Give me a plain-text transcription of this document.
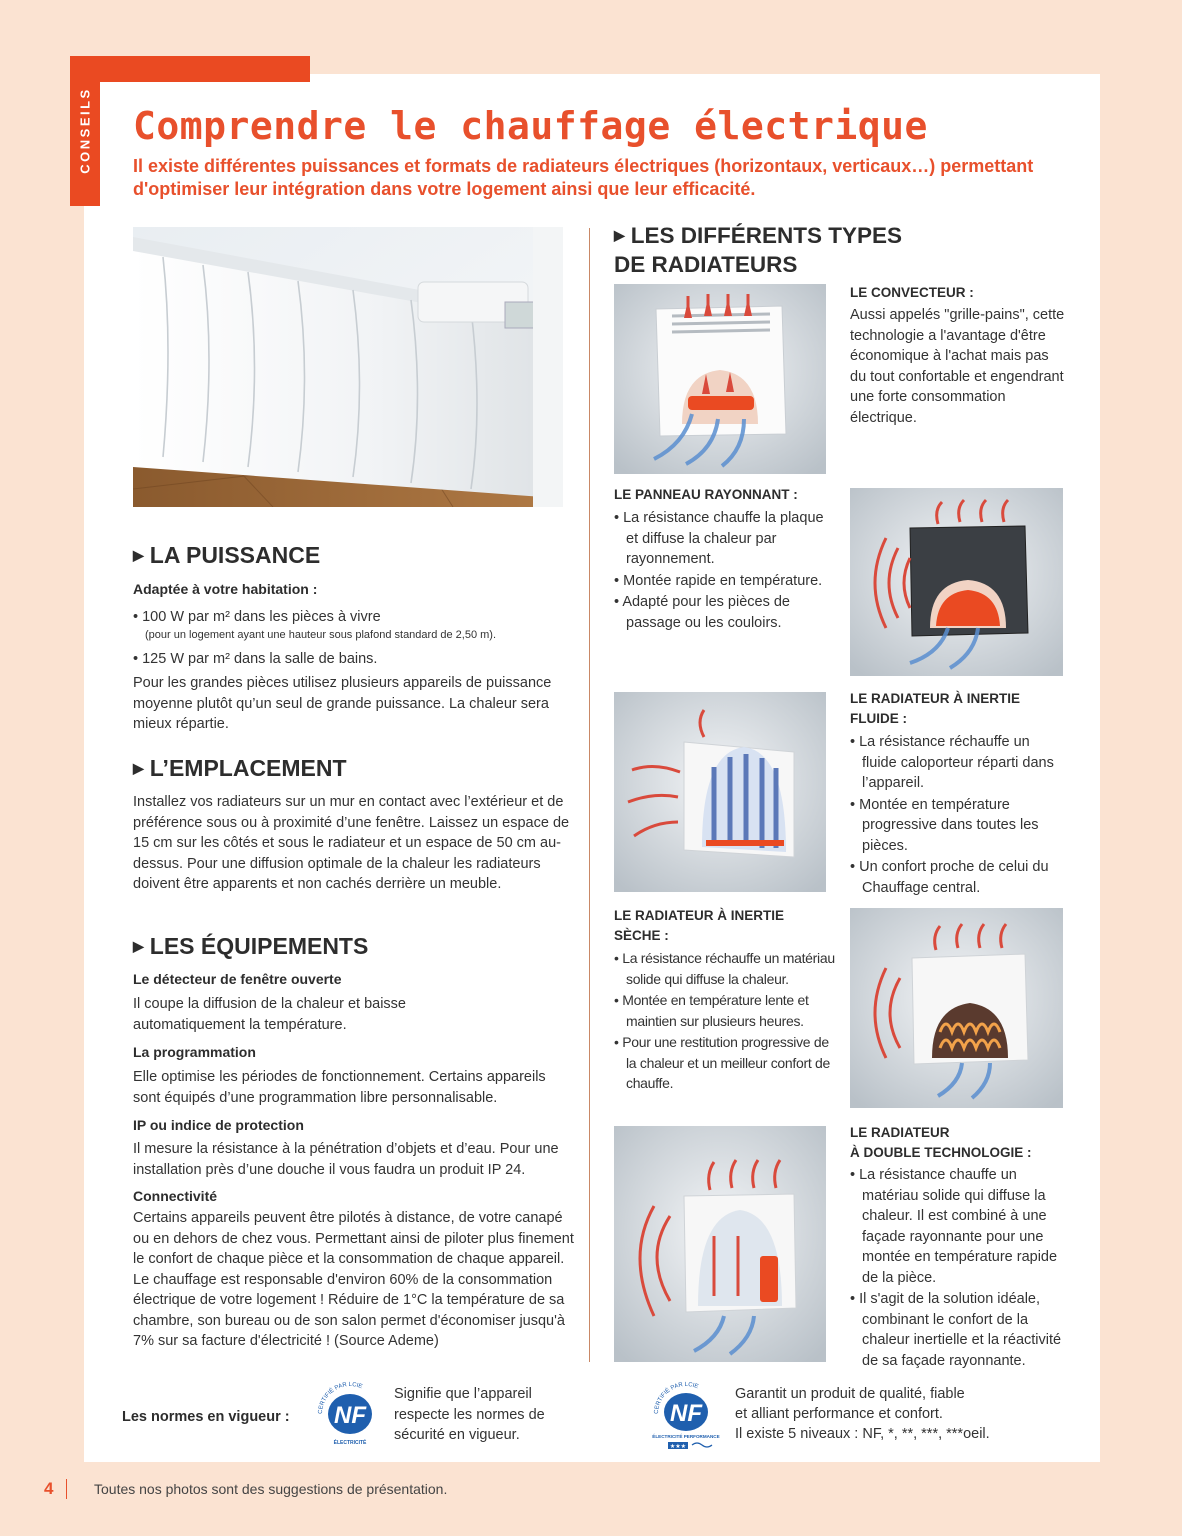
CONSEILS Comprendre le chauffage électrique
Il existe différentes puissances et formats de radiateurs électriques (horizontaux, verticaux…) permettant d'optimiser leur intégration dans votre logement ainsi que leur efficacité.
▶ LA PUISSANCE
Adaptée à votre habitation :
• 100 W par m² dans les pièces à vivre
(pour un logement ayant une hauteur sous plafond standard de 2,50 m).
• 125 W par m² dans la salle de bains.
Pour les grandes pièces utilisez plusieurs appareils de puissance moyenne plutôt qu’un seul de grande puissance. La chaleur sera mieux répartie.
▶ L’EMPLACEMENT
Installez vos radiateurs sur un mur en contact avec l’extérieur et de préférence sous ou à proximité d’une fenêtre. Laissez un espace de 15 cm sur les côtés et sous le radiateur et un espace de 50 cm au-dessus. Pour une diffusion optimale de la chaleur les radiateurs doivent être apparents et non cachés derrière un meuble.
▶ LES ÉQUIPEMENTS
Le détecteur de fenêtre ouverte
Il coupe la diffusion de la chaleur et baisse automatiquement la température.
La programmation
Elle optimise les périodes de fonctionnement. Certains appareils sont équipés d’une programmation libre personnalisable.
IP ou indice de protection
Il mesure la résistance à la pénétration d’objets et d’eau. Pour une installation près d’une douche il vous faudra un produit IP 24.
Connectivité
Certains appareils peuvent être pilotés à distance, de votre canapé ou en dehors de chez vous. Permettant ainsi de piloter plus finement le confort de chaque pièce et la consommation de chaque appareil. Le chauffage est responsable d'environ 60% de la consommation électrique de votre logement ! Réduire de 1°C la température de sa chambre, son bureau ou de son salon permet d'économiser jusqu'à 7% sur sa facture d'électricité ! (Source Ademe)
▶ LES DIFFÉRENTS TYPES
DE RADIATEURS
LE CONVECTEUR :
Aussi appelés "grille-pains", cette technologie a l'avantage d'être économique à l'achat mais pas du tout confortable et engendrant une forte consommation électrique.
LE PANNEAU RAYONNANT :
• La résistance chauffe la plaque et diffuse la chaleur par rayonnement.
• Montée rapide en température.
• Adapté pour les pièces de passage ou les couloirs.
LE RADIATEUR À INERTIE
FLUIDE :
• La résistance réchauffe un fluide caloporteur réparti dans l’appareil.
• Montée en température progressive dans toutes les pièces.
• Un confort proche de celui du Chauffage central.
LE RADIATEUR À INERTIE
SÈCHE :
• La résistance réchauffe un matériau solide qui diffuse la chaleur.
• Montée en température lente et maintien sur plusieurs heures.
• Pour une restitution progressive de la chaleur et un meilleur confort de chauffe.
LE RADIATEUR
À DOUBLE TECHNOLOGIE :
• La résistance chauffe un matériau solide qui diffuse la chaleur. Il est combiné à une façade rayonnante pour une montée en température rapide de la pièce.
• Il s'agit de la solution idéale, combinant le confort de la chaleur inertielle et la réactivité de sa façade rayonnante.
Les normes en vigueur :	CERTIFIÉ PAR LCIE
NF
ÉLECTRICITÉ
Signifie que l’appareil respecte les normes de sécurité en vigueur.
CERTIFIÉ PAR LCIE
NF
ÉLECTRICITÉ PERFORMANCE
★★★
Garantit un produit de qualité, fiable
et alliant performance et confort.
Il existe 5 niveaux : NF, *, **, ***, ***oeil.
4	Toutes nos photos sont des suggestions de présentation.
